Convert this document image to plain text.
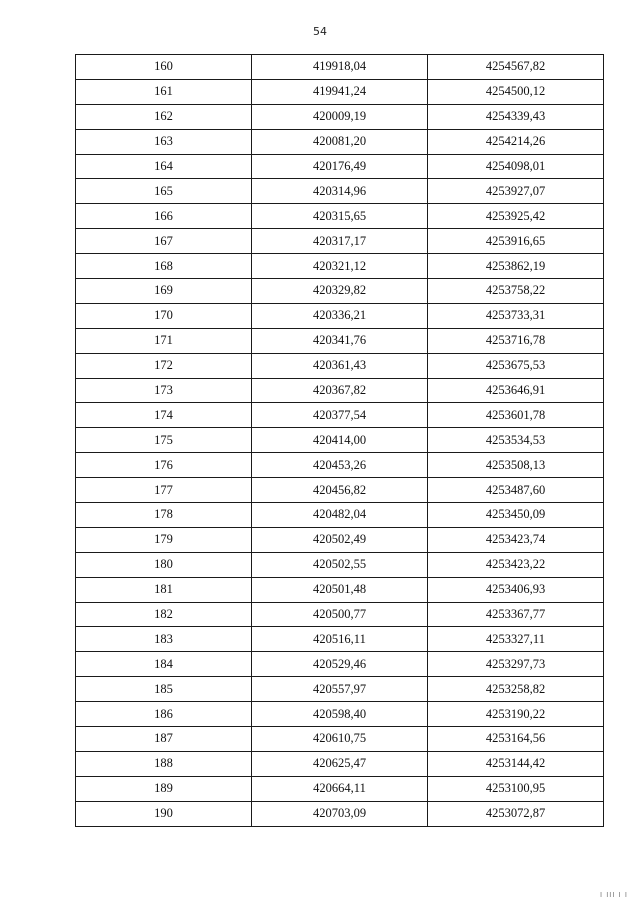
54
160	419918,04	4254567,82
161	419941,24	4254500,12
162	420009,19	4254339,43
163	420081,20	4254214,26
164	420176,49	4254098,01
165	420314,96	4253927,07
166	420315,65	4253925,42
167	420317,17	4253916,65
168	420321,12	4253862,19
169	420329,82	4253758,22
170	420336,21	4253733,31
171	420341,76	4253716,78
172	420361,43	4253675,53
173	420367,82	4253646,91
174	420377,54	4253601,78
175	420414,00	4253534,53
176	420453,26	4253508,13
177	420456,82	4253487,60
178	420482,04	4253450,09
179	420502,49	4253423,74
180	420502,55	4253423,22
181	420501,48	4253406,93
182	420500,77	4253367,77
183	420516,11	4253327,11
184	420529,46	4253297,73
185	420557,97	4253258,82
186	420598,40	4253190,22
187	420610,75	4253164,56
188	420625,47	4253144,42
189	420664,11	4253100,95
190	420703,09	4253072,87
I III I I
